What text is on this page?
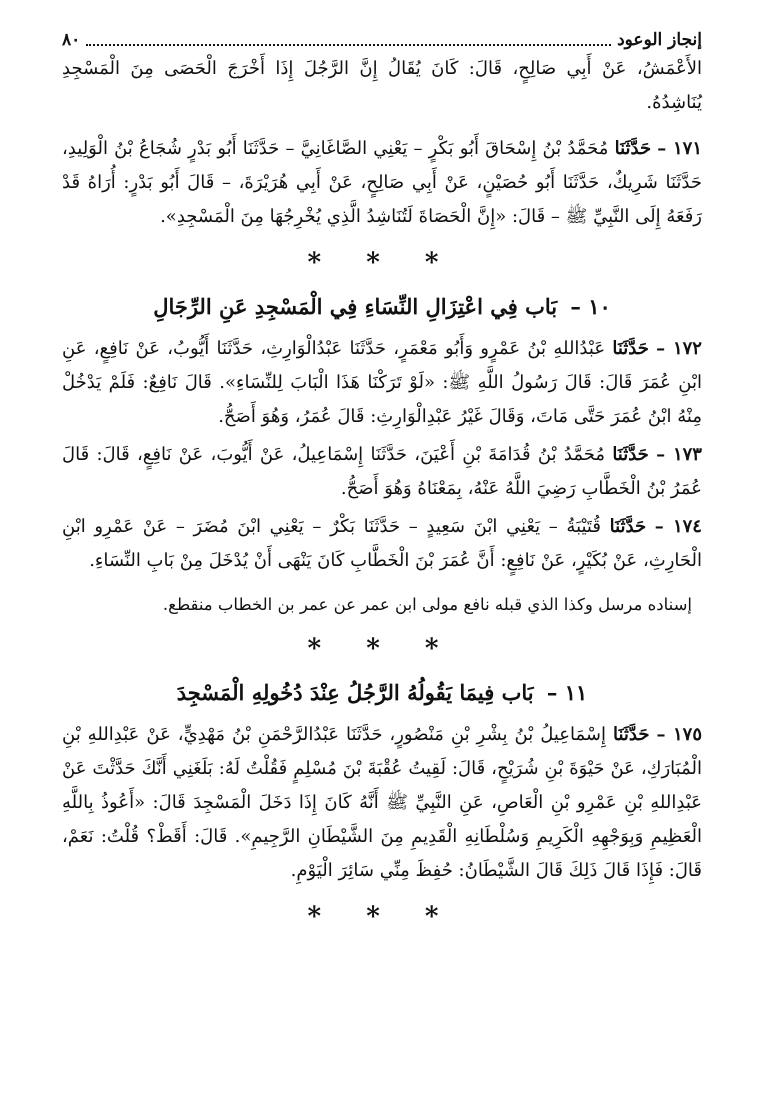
إنجاز الوعود
٨٠

الأَعْمَشُ، عَنْ أَبِي صَالِحٍ، قَالَ: كَانَ يُقَالُ إِنَّ الرَّجُلَ إِذَا أَخْرَجَ الْحَصَى مِنَ الْمَسْجِدِ يُنَاشِدُهُ.

١٧١ – حَدَّثَنَا مُحَمَّدُ بْنُ إِسْحَاقَ أَبُو بَكْرٍ – يَعْنِي الصَّاغَانِيَّ – حَدَّثَنَا أَبُو بَدْرٍ شُجَاعُ بْنُ الْوَلِيدِ، حَدَّثَنَا شَرِيكٌ، حَدَّثَنَا أَبُو حُصَيْنٍ، عَنْ أَبِي صَالِحٍ، عَنْ أَبِي هُرَيْرَةَ، – قَالَ أَبُو بَدْرٍ: أُرَاهُ قَدْ رَفَعَهُ إِلَى النَّبِيِّ ﷺ – قَالَ: «إِنَّ الْحَصَاةَ لَتُنَاشِدُ الَّذِي يُخْرِجُهَا مِنَ الْمَسْجِدِ».

* * *
١٠ – بَاب فِي اعْتِزَالِ النِّسَاءِ فِي الْمَسْجِدِ عَنِ الرِّجَالِ

١٧٢ – حَدَّثَنَا عَبْدُاللهِ بْنُ عَمْرٍو وَأَبُو مَعْمَرٍ، حَدَّثَنَا عَبْدُالْوَارِثِ، حَدَّثَنَا أَيُّوبُ، عَنْ نَافِعٍ، عَنِ ابْنِ عُمَرَ قَالَ: قَالَ رَسُولُ اللَّهِ ﷺ: «لَوْ تَرَكْنَا هَذَا الْبَابَ لِلنِّسَاءِ». قَالَ نَافِعٌ: فَلَمْ يَدْخُلْ مِنْهُ ابْنُ عُمَرَ حَتَّى مَاتَ، وَقَالَ غَيْرُ عَبْدِالْوَارِثِ: قَالَ عُمَرُ، وَهُوَ أَصَحُّ.

١٧٣ – حَدَّثَنَا مُحَمَّدُ بْنُ قُدَامَةَ بْنِ أَعْيَنَ، حَدَّثَنَا إِسْمَاعِيلُ، عَنْ أَيُّوبَ، عَنْ نَافِعٍ، قَالَ: قَالَ عُمَرُ بْنُ الْخَطَّابِ رَضِيَ اللَّهُ عَنْهُ، بِمَعْنَاهُ وَهُوَ أَصَحُّ.

١٧٤ – حَدَّثَنَا قُتَيْبَةُ – يَعْنِي ابْنَ سَعِيدٍ – حَدَّثَنَا بَكْرٌ – يَعْنِي ابْنَ مُضَرَ – عَنْ عَمْرِو ابْنِ الْحَارِثِ، عَنْ بُكَيْرٍ، عَنْ نَافِعٍ: أَنَّ عُمَرَ بْنَ الْخَطَّابِ كَانَ يَنْهَى أَنْ يُدْخَلَ مِنْ بَابِ النِّسَاءِ.

إسناده مرسل وكذا الذي قبله نافع مولى ابن عمر عن عمر بن الخطاب منقطع.

* * *
١١ – بَاب فِيمَا يَقُولُهُ الرَّجُلُ عِنْدَ دُخُولِهِ الْمَسْجِدَ

١٧٥ – حَدَّثَنَا إِسْمَاعِيلُ بْنُ بِشْرِ بْنِ مَنْصُورٍ، حَدَّثَنَا عَبْدُالرَّحْمَنِ بْنُ مَهْدِيٍّ، عَنْ عَبْدِاللهِ بْنِ الْمُبَارَكِ، عَنْ حَيْوَةَ بْنِ شُرَيْحٍ، قَالَ: لَقِيتُ عُقْبَةَ بْنَ مُسْلِمٍ فَقُلْتُ لَهُ: بَلَغَنِي أَنَّكَ حَدَّثْتَ عَنْ عَبْدِاللهِ بْنِ عَمْرِو بْنِ الْعَاصِ، عَنِ النَّبِيِّ ﷺ أَنَّهُ كَانَ إِذَا دَخَلَ الْمَسْجِدَ قَالَ: «أَعُوذُ بِاللَّهِ الْعَظِيمِ وَبِوَجْهِهِ الْكَرِيمِ وَسُلْطَانِهِ الْقَدِيمِ مِنَ الشَّيْطَانِ الرَّجِيمِ». قَالَ: أَقَطْ؟ قُلْتُ: نَعَمْ، قَالَ: فَإِذَا قَالَ ذَلِكَ قَالَ الشَّيْطَانُ: حُفِظَ مِنِّي سَائِرَ الْيَوْمِ.

* * *
